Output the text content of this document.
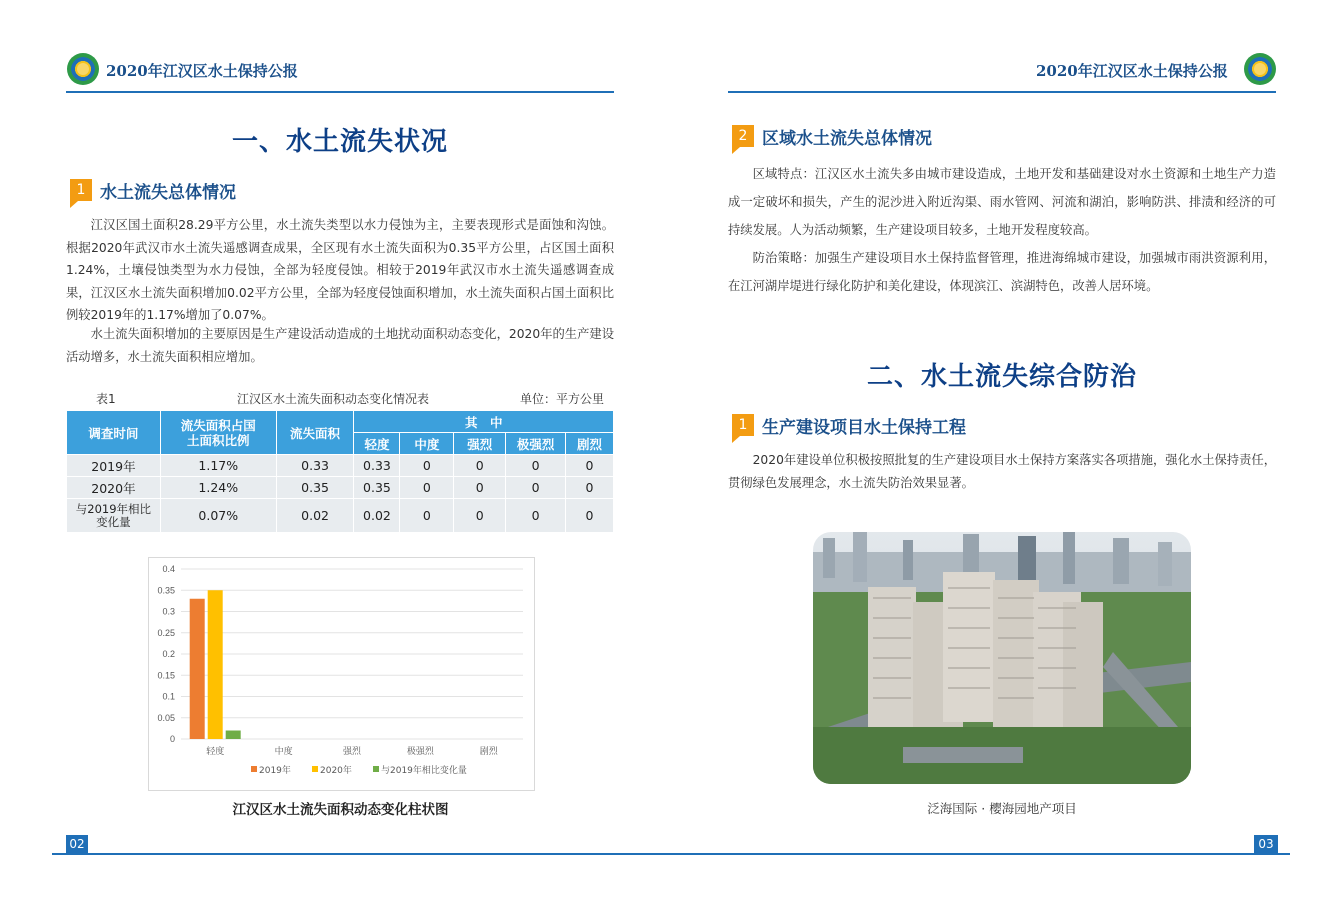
2020年江汉区水土保持公报	2020年江汉区水土保持公报
一、水土流失状况
1 水土流失总体情况
江汉区国土面积28.29平方公里，水土流失类型以水力侵蚀为主，主要表现形式是面蚀和沟蚀。根据2020年武汉市水土流失遥感调查成果，全区现有水土流失面积为0.35平方公里，占区国土面积1.24%，土壤侵蚀类型为水力侵蚀，全部为轻度侵蚀。相较于2019年武汉市水土流失遥感调查成果，江汉区水土流失面积增加0.02平方公里，全部为轻度侵蚀面积增加，水土流失面积占国土面积比例较2019年的1.17%增加了0.07%。
水土流失面积增加的主要原因是生产建设活动造成的土地扰动面积动态变化，2020年的生产建设活动增多，水土流失面积相应增加。
表1	江汉区水土流失面积动态变化情况表	单位：平方公里
调查时间	流失面积占国土面积比例	流失面积	其　中				
			轻度	中度	强烈	极强烈	剧烈
2019年	1.17%	0.33	0.33	0	0	0	0
2020年	1.24%	0.35	0.35	0	0	0	0
与2019年相比变化量	0.07%	0.02	0.02	0	0	0	0
0
0.05
0.1
0.15
0.2
0.25
0.3
0.35
0.4
轻度	中度	强烈	极强烈	剧烈
2019年	2020年	与2019年相比变化量
江汉区水土流失面积动态变化柱状图
2 区域水土流失总体情况
区域特点：江汉区水土流失多由城市建设造成，土地开发和基础建设对水土资源和土地生产力造成一定破坏和损失，产生的泥沙进入附近沟渠、雨水管网、河流和湖泊，影响防洪、排渍和经济的可持续发展。人为活动频繁，生产建设项目较多，土地开发程度较高。
防治策略：加强生产建设项目水土保持监督管理，推进海绵城市建设，加强城市雨洪资源利用，在江河湖岸堤进行绿化防护和美化建设，体现滨江、滨湖特色，改善人居环境。
二、水土流失综合防治
1 生产建设项目水土保持工程
2020年建设单位积极按照批复的生产建设项目水土保持方案落实各项措施，强化水土保持责任，贯彻绿色发展理念，水土流失防治效果显著。
泛海国际 · 樱海园地产项目
02	03
